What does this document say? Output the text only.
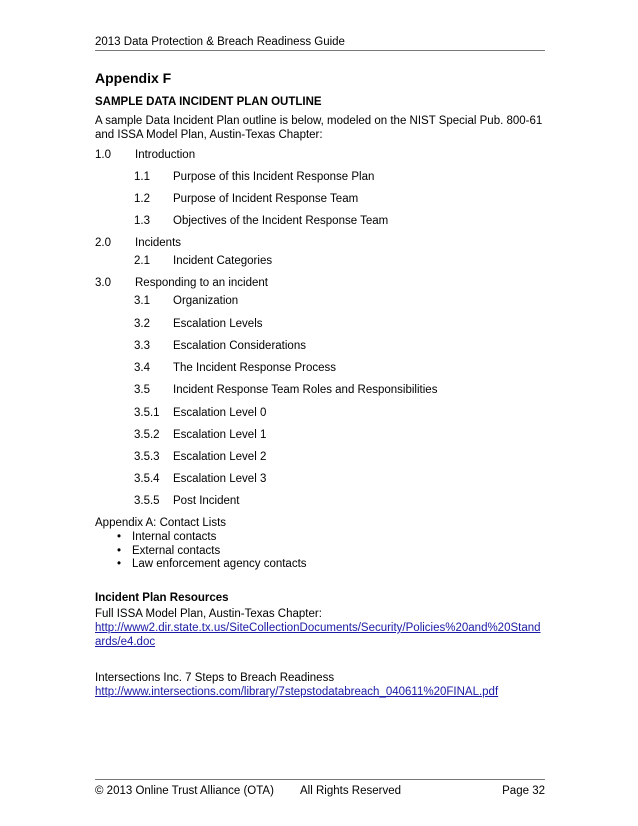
2013 Data Protection & Breach Readiness Guide
Appendix F
SAMPLE DATA INCIDENT PLAN OUTLINE
A sample Data Incident Plan outline is below, modeled on the NIST Special Pub. 800-61 and ISSA Model Plan, Austin-Texas Chapter:
1.0 Introduction
1.1 Purpose of this Incident Response Plan
1.2 Purpose of Incident Response Team
1.3 Objectives of the Incident Response Team
2.0 Incidents
2.1 Incident Categories
3.0 Responding to an incident
3.1 Organization
3.2 Escalation Levels
3.3 Escalation Considerations
3.4 The Incident Response Process
3.5 Incident Response Team Roles and Responsibilities
3.5.1 Escalation Level 0
3.5.2 Escalation Level 1
3.5.3 Escalation Level 2
3.5.4 Escalation Level 3
3.5.5 Post Incident
Appendix A: Contact Lists
• Internal contacts
• External contacts
• Law enforcement agency contacts
Incident Plan Resources
Full ISSA Model Plan, Austin-Texas Chapter:
http://www2.dir.state.tx.us/SiteCollectionDocuments/Security/Policies%20and%20Standards/e4.doc
Intersections Inc. 7 Steps to Breach Readiness
http://www.intersections.com/library/7stepstodatabreach_040611%20FINAL.pdf
© 2013 Online Trust Alliance (OTA) All Rights Reserved	Page 32
